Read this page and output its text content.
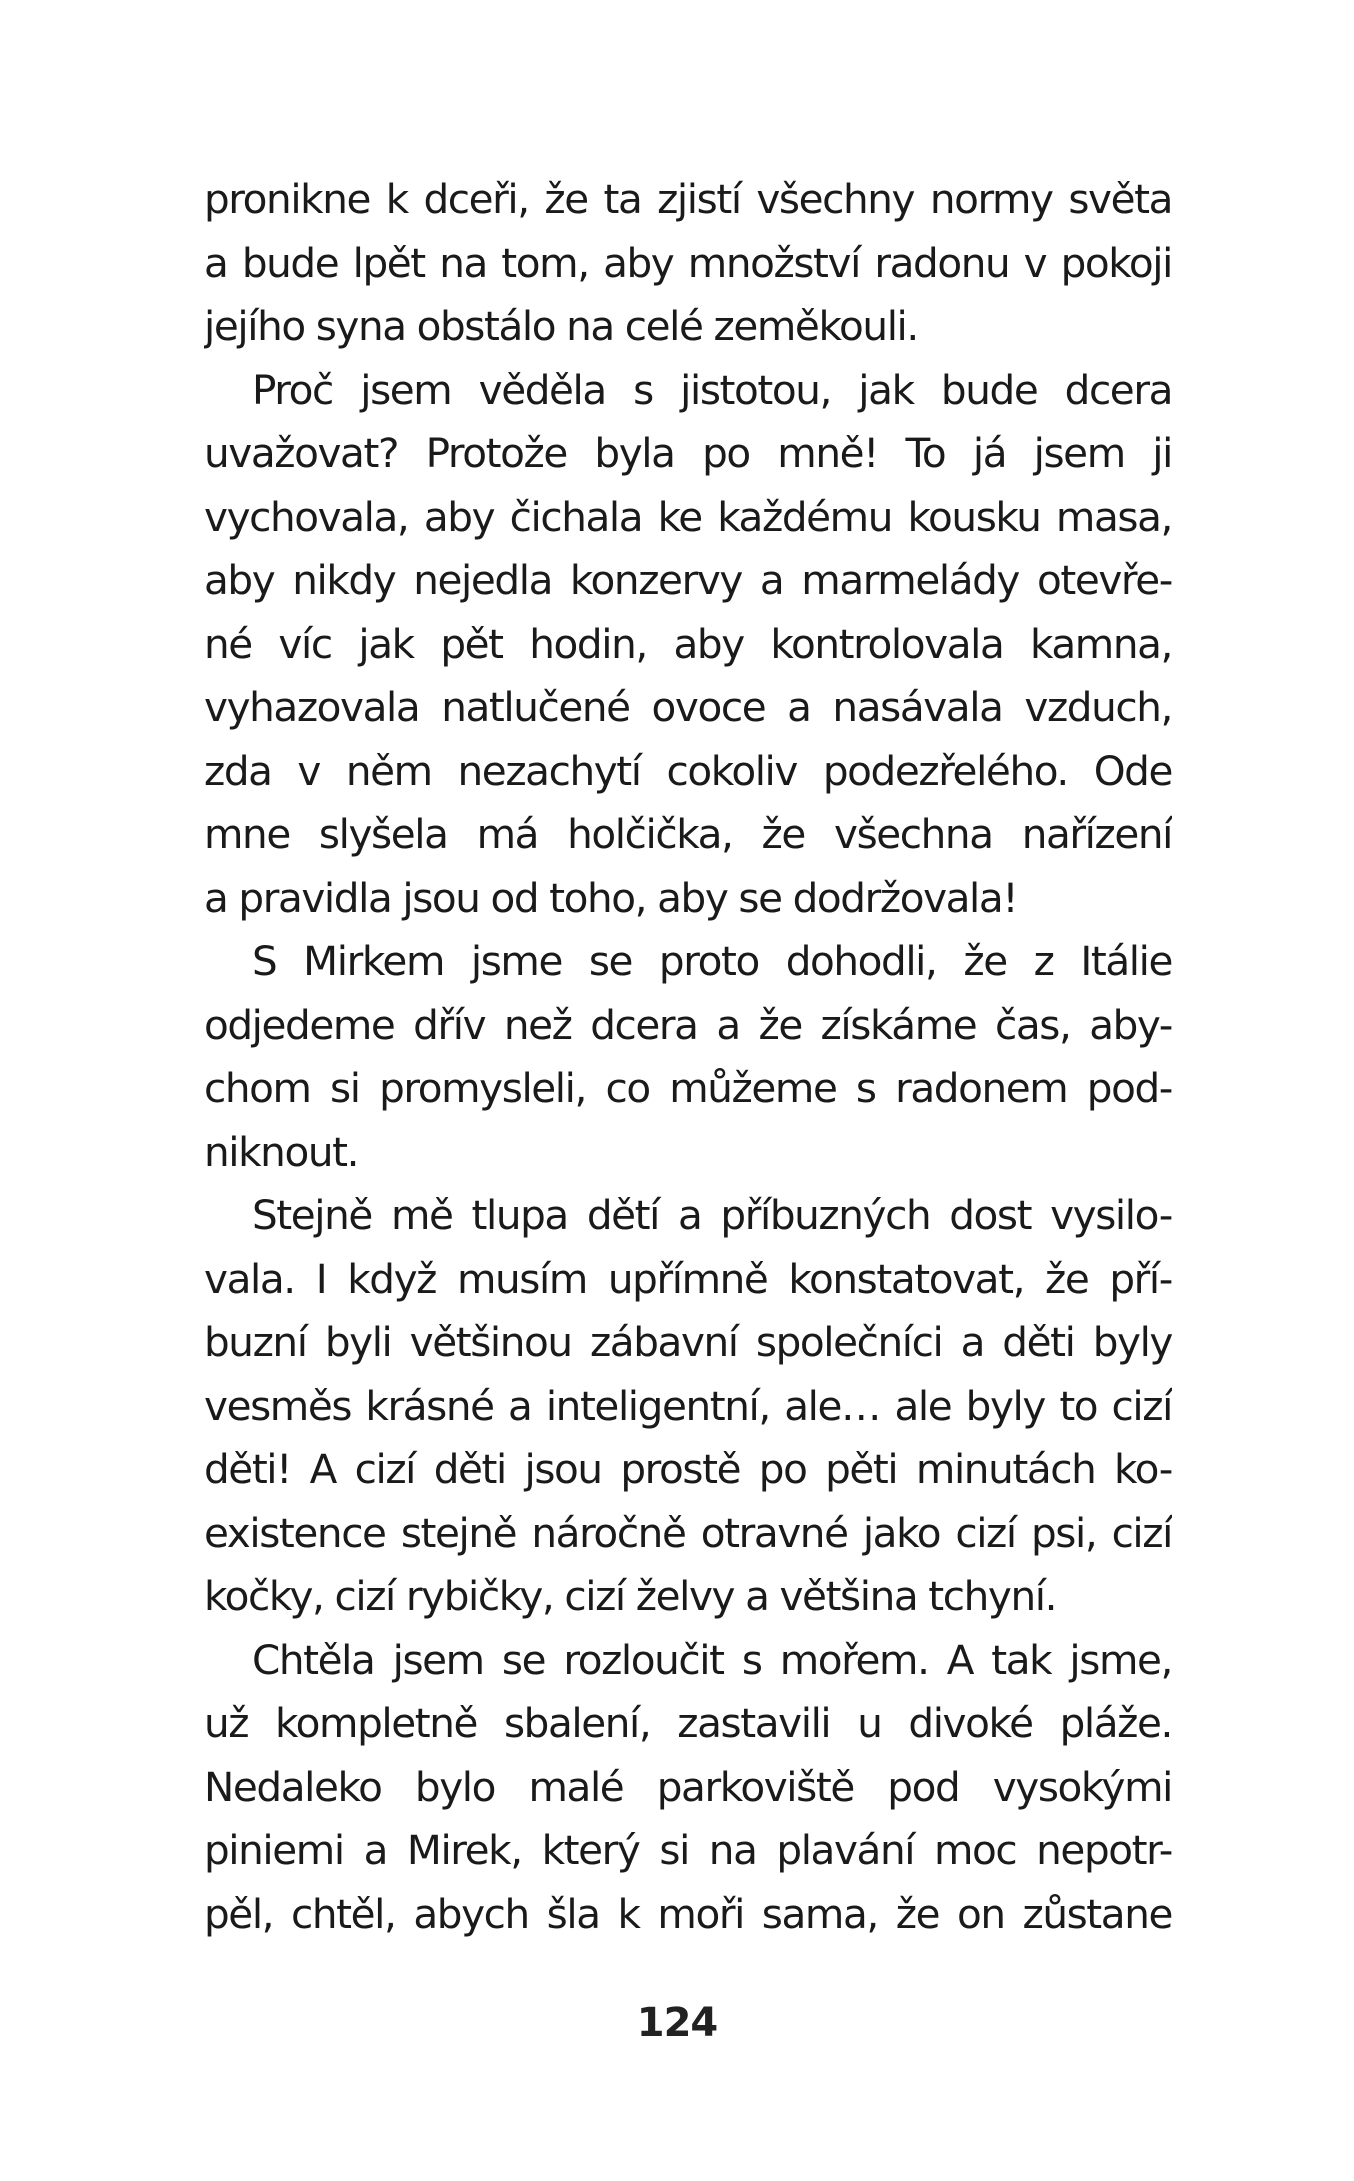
pronikne k dceři, že ta zjistí všechny normy světa
a bude lpět na tom, aby množství radonu v pokoji
jejího syna obstálo na celé zeměkouli.

Proč jsem věděla s jistotou, jak bude dcera
uvažovat? Protože byla po mně! To já jsem ji
vychovala, aby čichala ke každému kousku masa,
aby nikdy nejedla konzervy a marmelády otevře-
né víc jak pět hodin, aby kontrolovala kamna,
vyhazovala natlučené ovoce a nasávala vzduch,
zda v něm nezachytí cokoliv podezřelého. Ode
mne slyšela má holčička, že všechna nařízení
a pravidla jsou od toho, aby se dodržovala!

S Mirkem jsme se proto dohodli, že z Itálie
odjedeme dřív než dcera a že získáme čas, aby-
chom si promysleli, co můžeme s radonem pod-
niknout.

Stejně mě tlupa dětí a příbuzných dost vysilo-
vala. I když musím upřímně konstatovat, že pří-
buzní byli většinou zábavní společníci a děti byly
vesměs krásné a inteligentní, ale… ale byly to cizí
děti! A cizí děti jsou prostě po pěti minutách ko-
existence stejně náročně otravné jako cizí psi, cizí
kočky, cizí rybičky, cizí želvy a většina tchyní.

Chtěla jsem se rozloučit s mořem. A tak jsme,
už kompletně sbalení, zastavili u divoké pláže.
Nedaleko bylo malé parkoviště pod vysokými
piniemi a Mirek, který si na plavání moc nepotr-
pěl, chtěl, abych šla k moři sama, že on zůstane

124
